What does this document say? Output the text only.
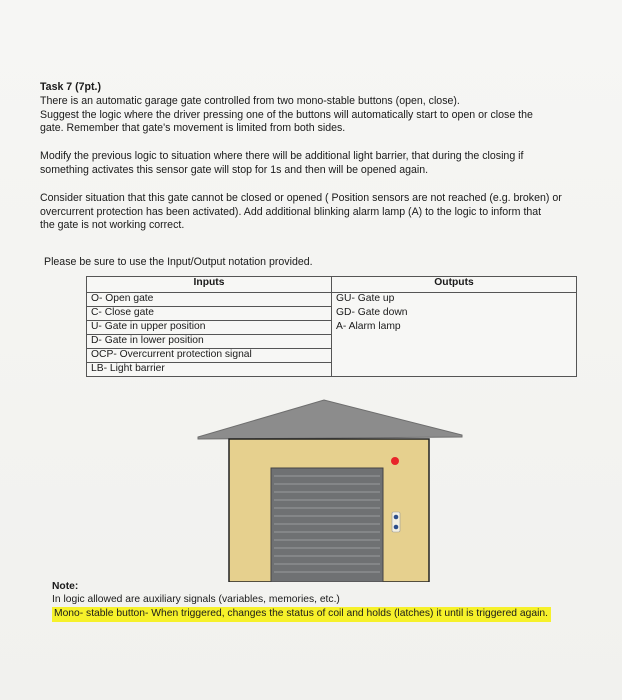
Task 7 (7pt.)
There is an automatic garage gate controlled from two mono-stable buttons (open, close).
Suggest the logic where the driver pressing one of the buttons will automatically start to open or close the
gate. Remember that gate's movement is limited from both sides.
Modify the previous logic to situation where there will be additional light barrier, that during the closing if
something activates this sensor gate will stop for 1s and then will be opened again.
Consider situation that this gate cannot be closed or opened ( Position sensors are not reached (e.g. broken) or
overcurrent protection has been activated). Add additional blinking alarm lamp (A) to the logic to inform that
the gate is not working correct.
Please be sure to use the Input/Output notation provided.
Inputs	Outputs
O- Open gate	GU- Gate up
C- Close gate	GD- Gate down
U- Gate in upper position	A- Alarm lamp
D- Gate in lower position	
OCP- Overcurrent protection signal	
LB- Light barrier	
Note:
In logic allowed are auxiliary signals (variables, memories, etc.)
Mono- stable button- When triggered, changes the status of coil and holds (latches) it until is triggered again.
